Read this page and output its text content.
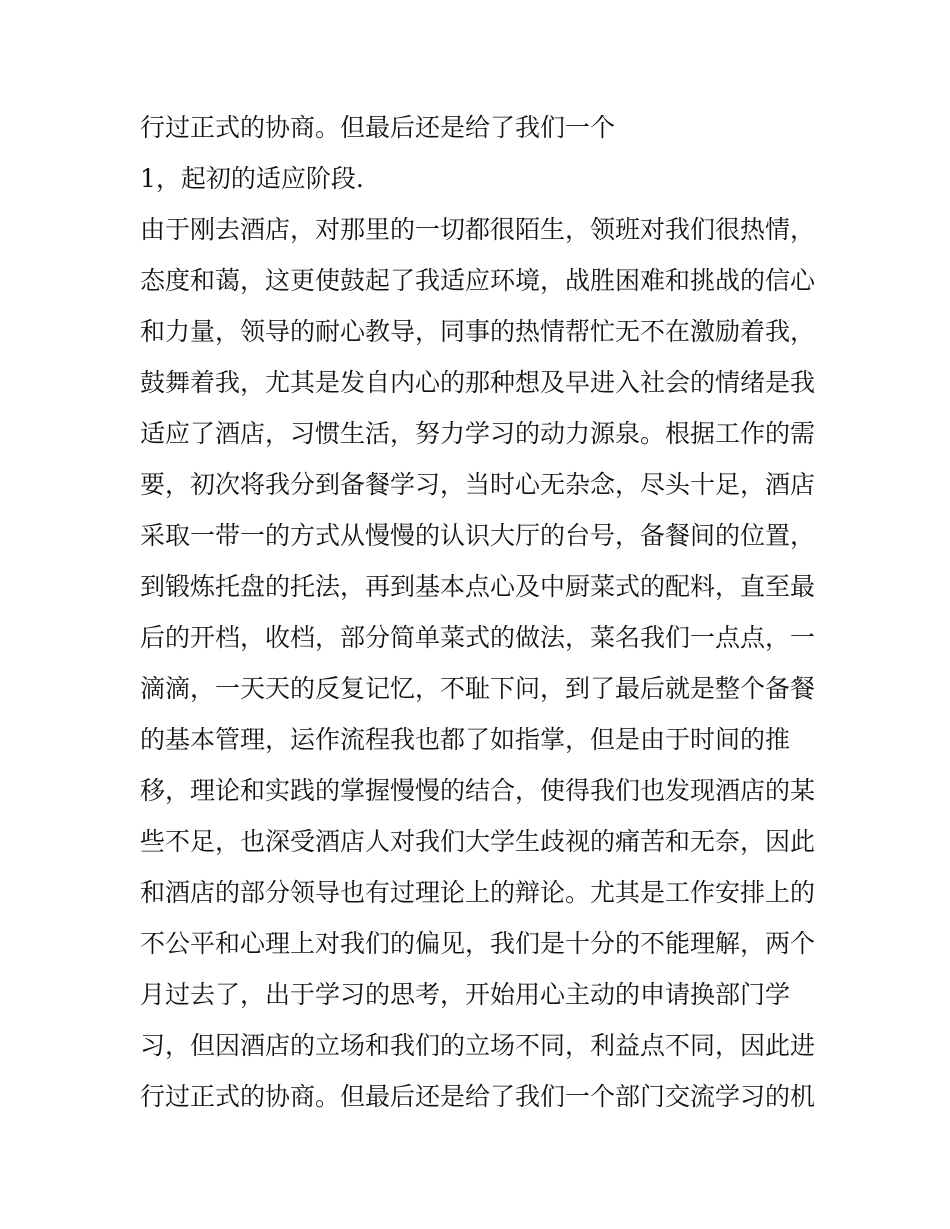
行过正式的协商。但最后还是给了我们一个

1，起初的适应阶段.

由于刚去酒店，对那里的一切都很陌生，领班对我们很热情，

态度和蔼，这更使鼓起了我适应环境，战胜困难和挑战的信心

和力量，领导的耐心教导，同事的热情帮忙无不在激励着我，

鼓舞着我，尤其是发自内心的那种想及早进入社会的情绪是我

适应了酒店，习惯生活，努力学习的动力源泉。根据工作的需

要，初次将我分到备餐学习，当时心无杂念，尽头十足，酒店

采取一带一的方式从慢慢的认识大厅的台号，备餐间的位置，

到锻炼托盘的托法，再到基本点心及中厨菜式的配料，直至最

后的开档，收档，部分简单菜式的做法，菜名我们一点点，一

滴滴，一天天的反复记忆，不耻下问，到了最后就是整个备餐

的基本管理，运作流程我也都了如指掌，但是由于时间的推

移，理论和实践的掌握慢慢的结合，使得我们也发现酒店的某

些不足，也深受酒店人对我们大学生歧视的痛苦和无奈，因此

和酒店的部分领导也有过理论上的辩论。尤其是工作安排上的

不公平和心理上对我们的偏见，我们是十分的不能理解，两个

月过去了，出于学习的思考，开始用心主动的申请换部门学

习，但因酒店的立场和我们的立场不同，利益点不同，因此进

行过正式的协商。但最后还是给了我们一个部门交流学习的机
